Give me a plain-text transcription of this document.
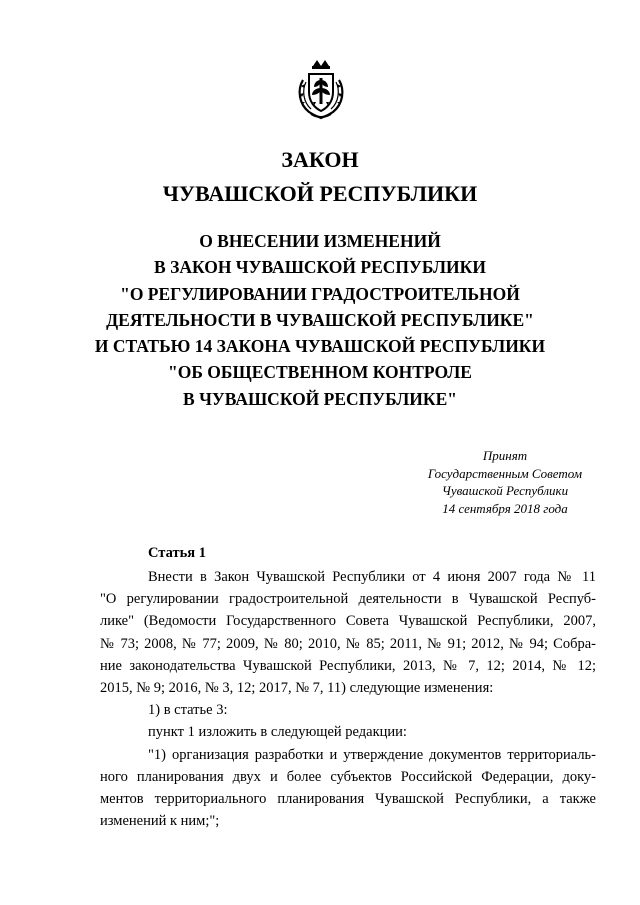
ЗАКОН
ЧУВАШСКОЙ РЕСПУБЛИКИ
О ВНЕСЕНИИ ИЗМЕНЕНИЙ
В ЗАКОН ЧУВАШСКОЙ РЕСПУБЛИКИ
"О РЕГУЛИРОВАНИИ ГРАДОСТРОИТЕЛЬНОЙ
ДЕЯТЕЛЬНОСТИ В ЧУВАШСКОЙ РЕСПУБЛИКЕ"
И СТАТЬЮ 14 ЗАКОНА ЧУВАШСКОЙ РЕСПУБЛИКИ
"ОБ ОБЩЕСТВЕННОМ КОНТРОЛЕ
В ЧУВАШСКОЙ РЕСПУБЛИКЕ"
Принят
Государственным Советом
Чувашской Республики
14 сентября 2018 года
Статья 1
Внести в Закон Чувашской Республики от 4 июня 2007 года № 11
"О регулировании градостроительной деятельности в Чувашской Респуб-
лике" (Ведомости Государственного Совета Чувашской Республики, 2007,
№ 73; 2008, № 77; 2009, № 80; 2010, № 85; 2011, № 91; 2012, № 94; Собра-
ние законодательства Чувашской Республики, 2013, № 7, 12; 2014, № 12;
2015, № 9; 2016, № 3, 12; 2017, № 7, 11) следующие изменения:
1) в статье 3:
пункт 1 изложить в следующей редакции:
"1) организация разработки и утверждение документов территориаль-
ного планирования двух и более субъектов Российской Федерации, доку-
ментов территориального планирования Чувашской Республики, а также
изменений к ним;";
